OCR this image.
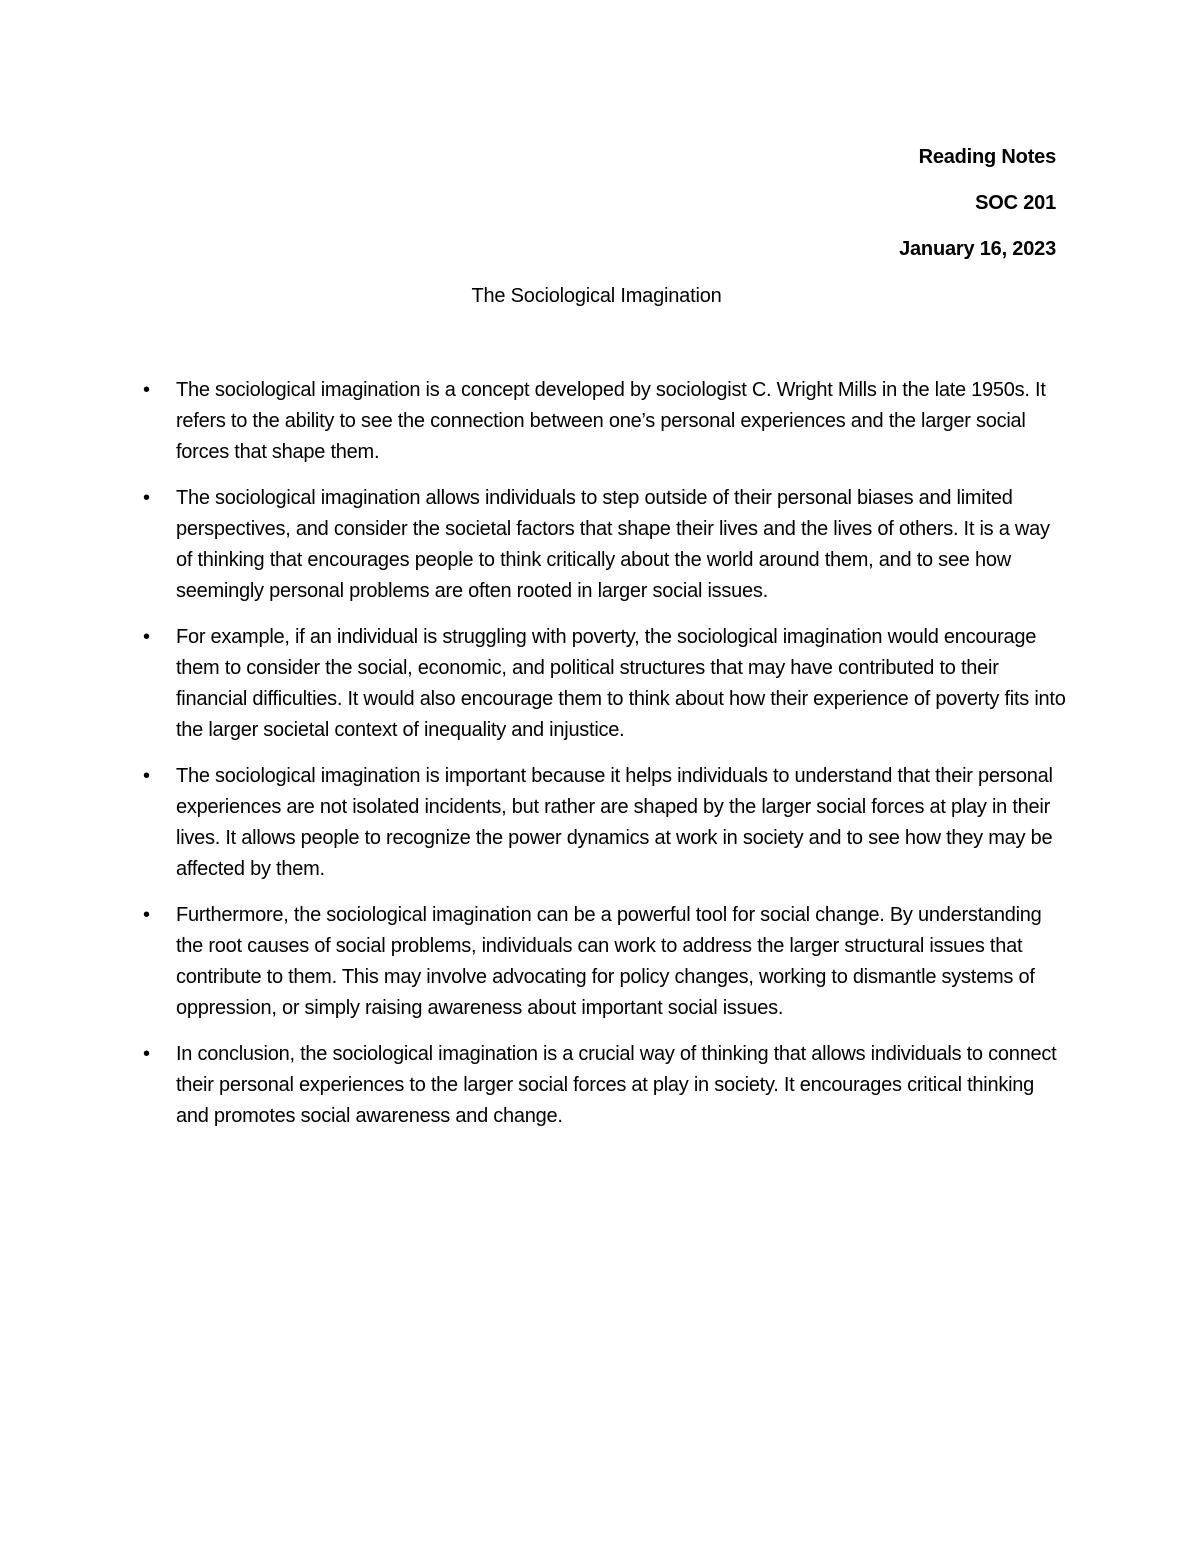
Reading Notes

SOC 201

January 16, 2023

The Sociological Imagination

• The sociological imagination is a concept developed by sociologist C. Wright Mills in the late 1950s. It refers to the ability to see the connection between one’s personal experiences and the larger social forces that shape them.
• The sociological imagination allows individuals to step outside of their personal biases and limited perspectives, and consider the societal factors that shape their lives and the lives of others. It is a way of thinking that encourages people to think critically about the world around them, and to see how seemingly personal problems are often rooted in larger social issues.
• For example, if an individual is struggling with poverty, the sociological imagination would encourage them to consider the social, economic, and political structures that may have contributed to their financial difficulties. It would also encourage them to think about how their experience of poverty fits into the larger societal context of inequality and injustice.
• The sociological imagination is important because it helps individuals to understand that their personal experiences are not isolated incidents, but rather are shaped by the larger social forces at play in their lives. It allows people to recognize the power dynamics at work in society and to see how they may be affected by them.
• Furthermore, the sociological imagination can be a powerful tool for social change. By understanding the root causes of social problems, individuals can work to address the larger structural issues that contribute to them. This may involve advocating for policy changes, working to dismantle systems of oppression, or simply raising awareness about important social issues.
• In conclusion, the sociological imagination is a crucial way of thinking that allows individuals to connect their personal experiences to the larger social forces at play in society. It encourages critical thinking and promotes social awareness and change.
